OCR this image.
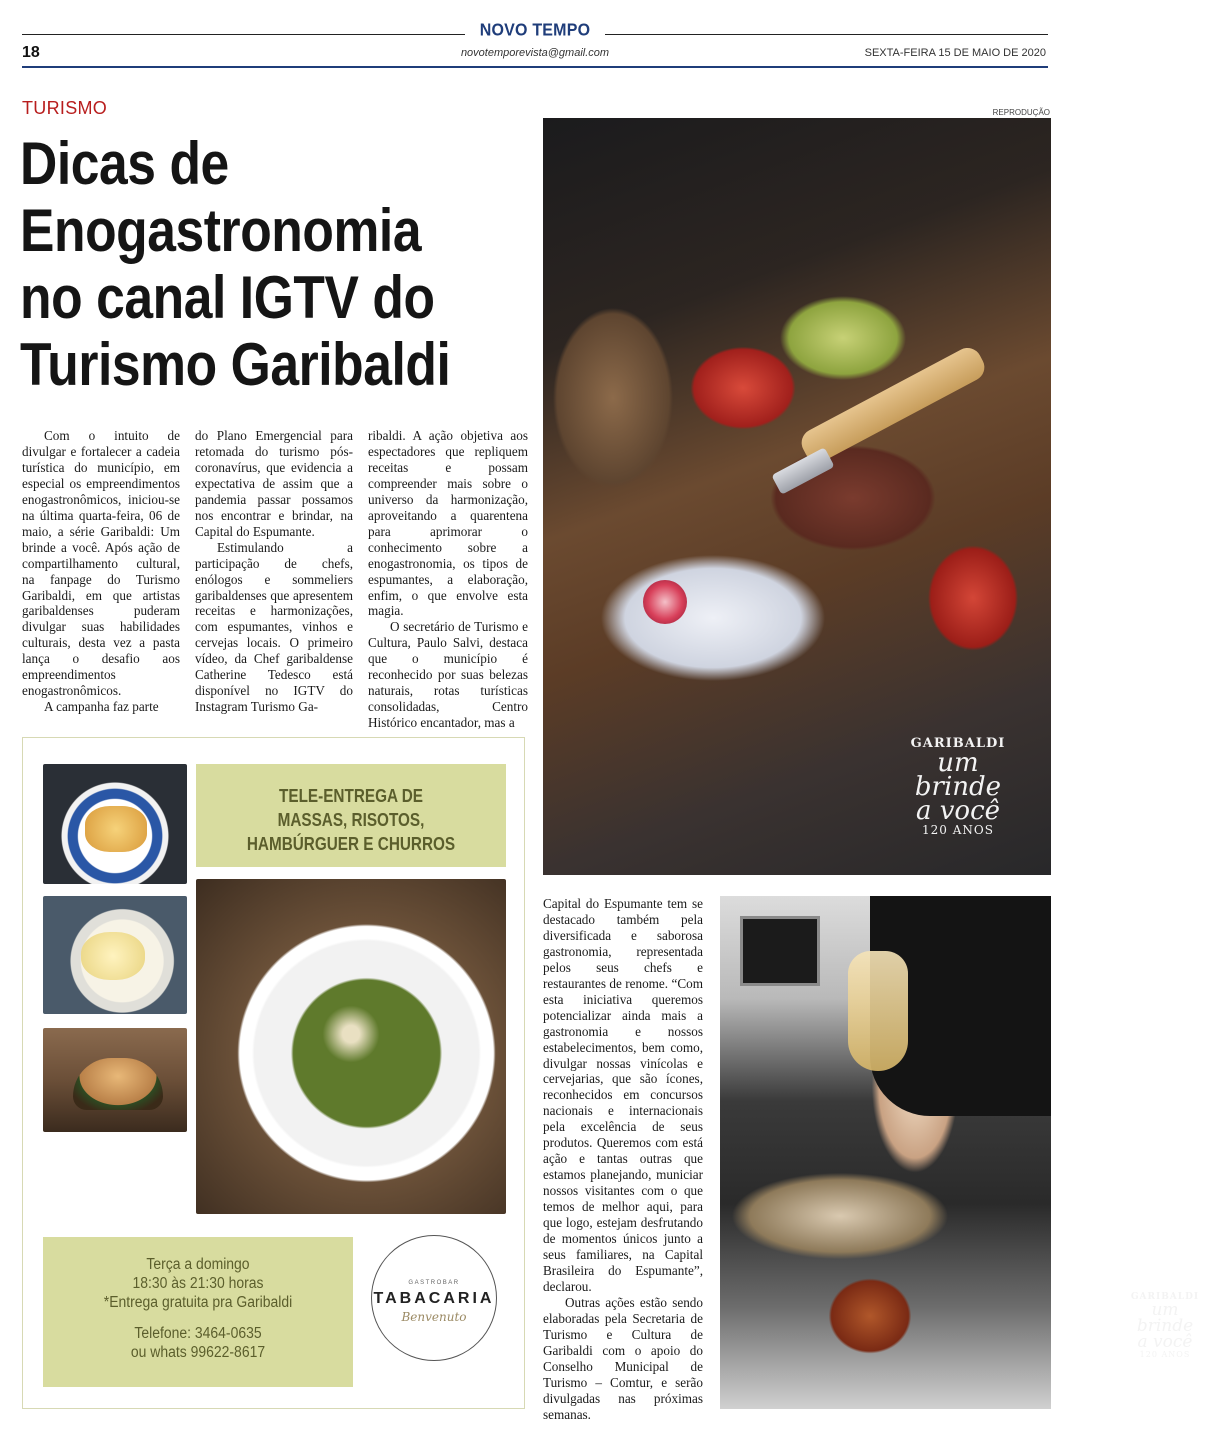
NOVO TEMPO
18	novotemporevista@gmail.com	SEXTA-FEIRA 15 DE MAIO DE 2020
TURISMO
Dicas de Enogastronomia no canal IGTV do Turismo Garibaldi
REPRODUÇÃO

Com o intuito de divulgar e fortalecer a cadeia turística do município, em especial os empreendimentos enogastronômicos, iniciou-se na última quarta-feira, 06 de maio, a série Garibaldi: Um brinde a você. Após ação de compartilhamento cultural, na fanpage do Turismo Garibaldi, em que artistas garibaldenses puderam divulgar suas habilidades culturais, desta vez a pasta lança o desafio aos empreendimentos enogastronômicos.

A campanha faz parte

do Plano Emergencial para retomada do turismo pós-coronavírus, que evidencia a expectativa de assim que a pandemia passar possamos nos encontrar e brindar, na Capital do Espumante.

Estimulando a participação de chefs, enólogos e sommeliers garibaldenses que apresentem receitas e harmonizações, com espumantes, vinhos e cervejas locais. O primeiro vídeo, da Chef garibaldense Catherine Tedesco está disponível no IGTV do Instagram Turismo Ga-

ribaldi. A ação objetiva aos espectadores que repliquem receitas e possam compreender mais sobre o universo da harmonização, aproveitando a quarentena para aprimorar o conhecimento sobre a enogastronomia, os tipos de espumantes, a elaboração, enfim, o que envolve esta magia.

O secretário de Turismo e Cultura, Paulo Salvi, destaca que o município é reconhecido por suas belezas naturais, rotas turísticas consolidadas, Centro Histórico encantador, mas a

Capital do Espumante tem se destacado também pela diversificada e saborosa gastronomia, representada pelos seus chefs e restaurantes de renome. “Com esta iniciativa queremos potencializar ainda mais a gastronomia e nossos estabelecimentos, bem como, divulgar nossas vinícolas e cervejarias, que são ícones, reconhecidos em concursos nacionais e internacionais pela excelência de seus produtos. Queremos com está ação e tantas outras que estamos planejando, municiar nossos visitantes com o que temos de melhor aqui, para que logo, estejam desfrutando de momentos únicos junto a seus familiares, na Capital Brasileira do Espumante”, declarou.

Outras ações estão sendo elaboradas pela Secretaria de Turismo e Cultura de Garibaldi com o apoio do Conselho Municipal de Turismo – Comtur, e serão divulgadas nas próximas semanas.

GARIBALDI
um
brinde
a você
120 ANOS
GARIBALDI
um
brinde
a você
120 ANOS
TELE-ENTREGA DE
MASSAS, RISOTOS,
HAMBÚRGUER E CHURROS
Terça a domingo
18:30 às 21:30 horas
*Entrega gratuita pra Garibaldi
Telefone: 3464-0635
ou whats 99622-8617
GASTROBAR
TABACARIA
Benvenuto
